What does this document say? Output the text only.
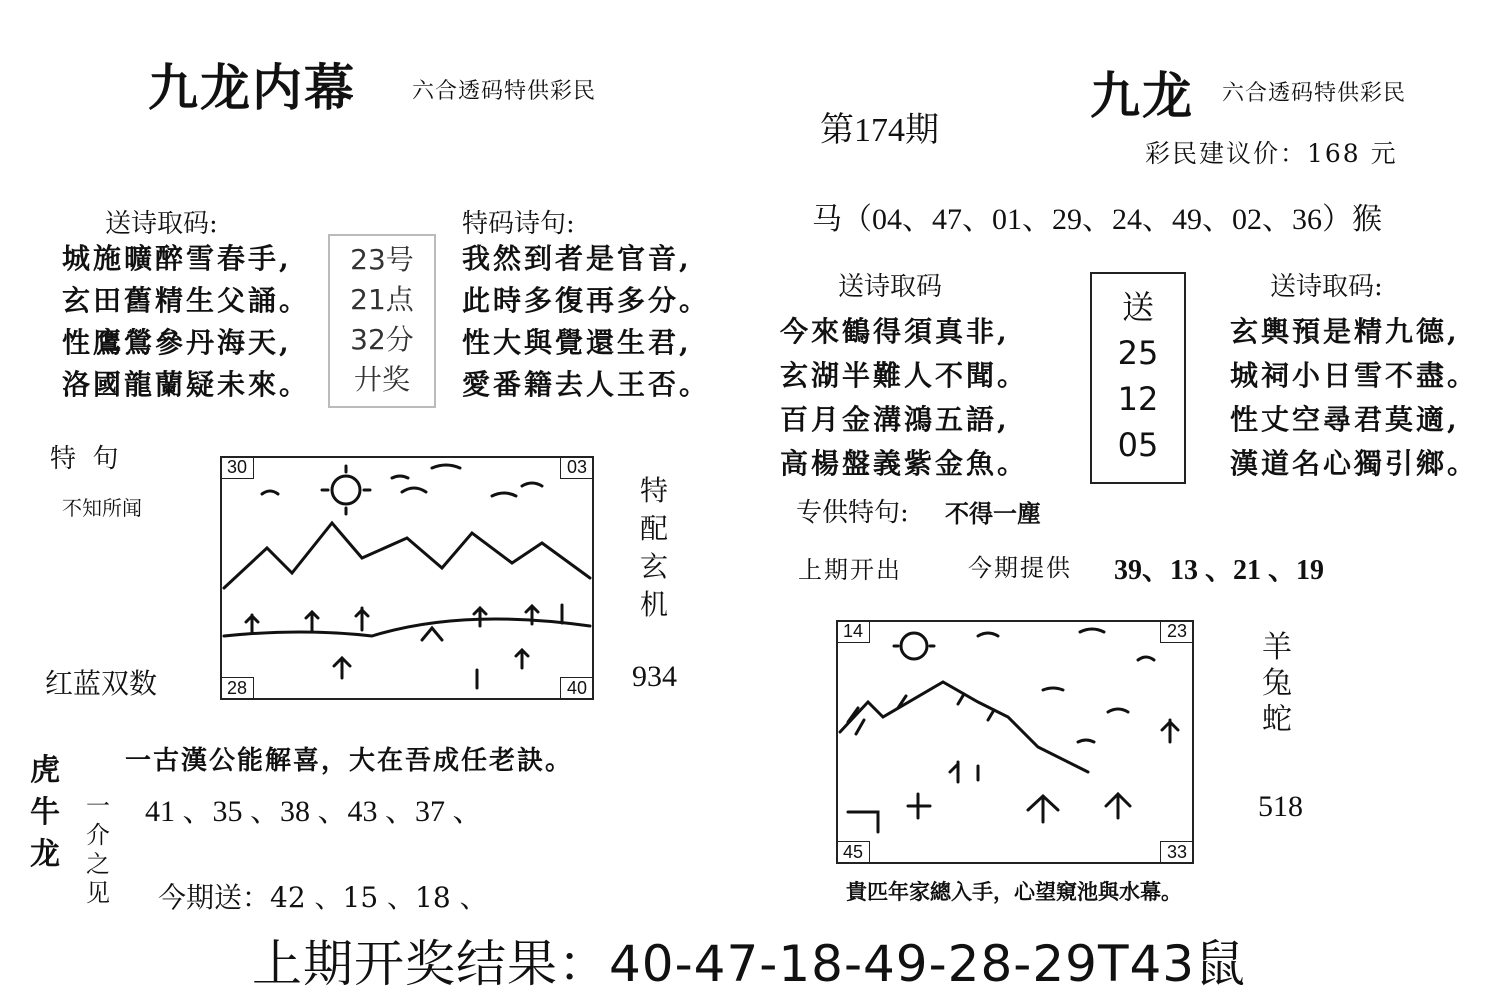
九龙内幕	六合透码特供彩民
送诗取码:
城施曠醉雪春手,
玄田舊精生父誦。
性鷹鶯參丹海天,
洛國龍蘭疑未來。
23号
21点
32分
廾奖
特码诗句:
我然到者是官音,
此時多復再多分。
性大與覺還生君,
愛番籍去人王否。
特  句
不知所闻
30	03
28	40
特
配
玄
机
红蓝双数	934
虎
牛
龙
一
介
之
见
一古漢公能解喜，大在吾成任老訣。
41 、35 、38 、43 、37 、
今期送：42 、15 、18 、
第174期
九龙 六合透码特供彩民
彩民建议价：168 元
马（04、47、01、29、24、49、02、36）猴
送诗取码
今來鶴得須真非,
玄湖半難人不聞。
百月金溝鴻五語,
高楊盤義紫金魚。
送
25
12
05
送诗取码:
玄輿預是精九德,
城祠小日雪不盡。
性丈空尋君莫適,
漢道名心獨引鄉。
专供特句: 不得一塵
上期开出	今期提供 39、13 、21 、19
14	23
45	33
羊
兔
蛇
518
貴匹年家總入手，心望窺池與水幕。
上期开奖结果：40-47-18-49-28-29T43鼠
